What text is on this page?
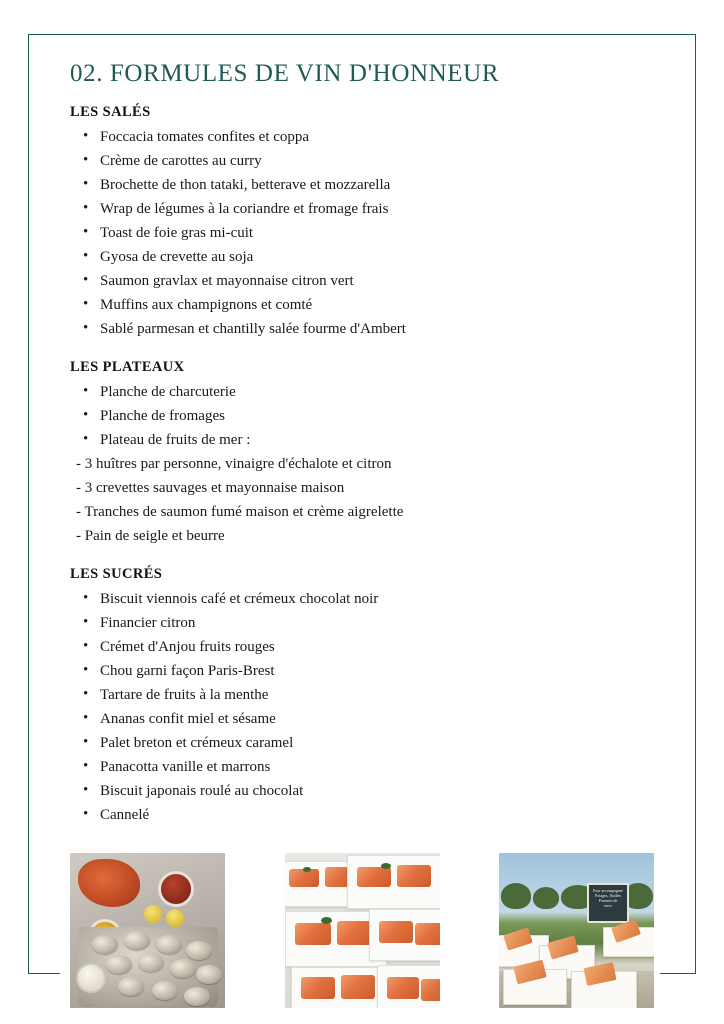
02. FORMULES DE VIN D'HONNEUR
LES SALÉS
• Foccacia tomates confites et coppa
• Crème de carottes au curry
• Brochette de thon tataki, betterave et mozzarella
• Wrap de légumes à la coriandre et fromage frais
• Toast de foie gras mi-cuit
• Gyosa de crevette au soja
• Saumon gravlax et mayonnaise citron vert
• Muffins aux champignons et comté
• Sablé parmesan et chantilly salée fourme d'Ambert
LES PLATEAUX
• Planche de charcuterie
• Planche de fromages
• Plateau de fruits de mer :
- 3 huîtres par personne, vinaigre d'échalote et citron
- 3 crevettes sauvages et mayonnaise maison
- Tranches de saumon fumé maison et crème aigrelette
- Pain de seigle et beurre
LES SUCRÉS
• Biscuit viennois café et crémeux chocolat noir
• Financier citron
• Crémet d'Anjou fruits rouges
• Chou garni façon Paris-Brest
• Tartare de fruits à la menthe
• Ananas confit miel et sésame
• Palet breton et crémeux caramel
• Panacotta vanille et marrons
• Biscuit japonais roulé au chocolat
• Cannelé
Pour accompagner
Potages, Nuilles
Pommes de
terre
